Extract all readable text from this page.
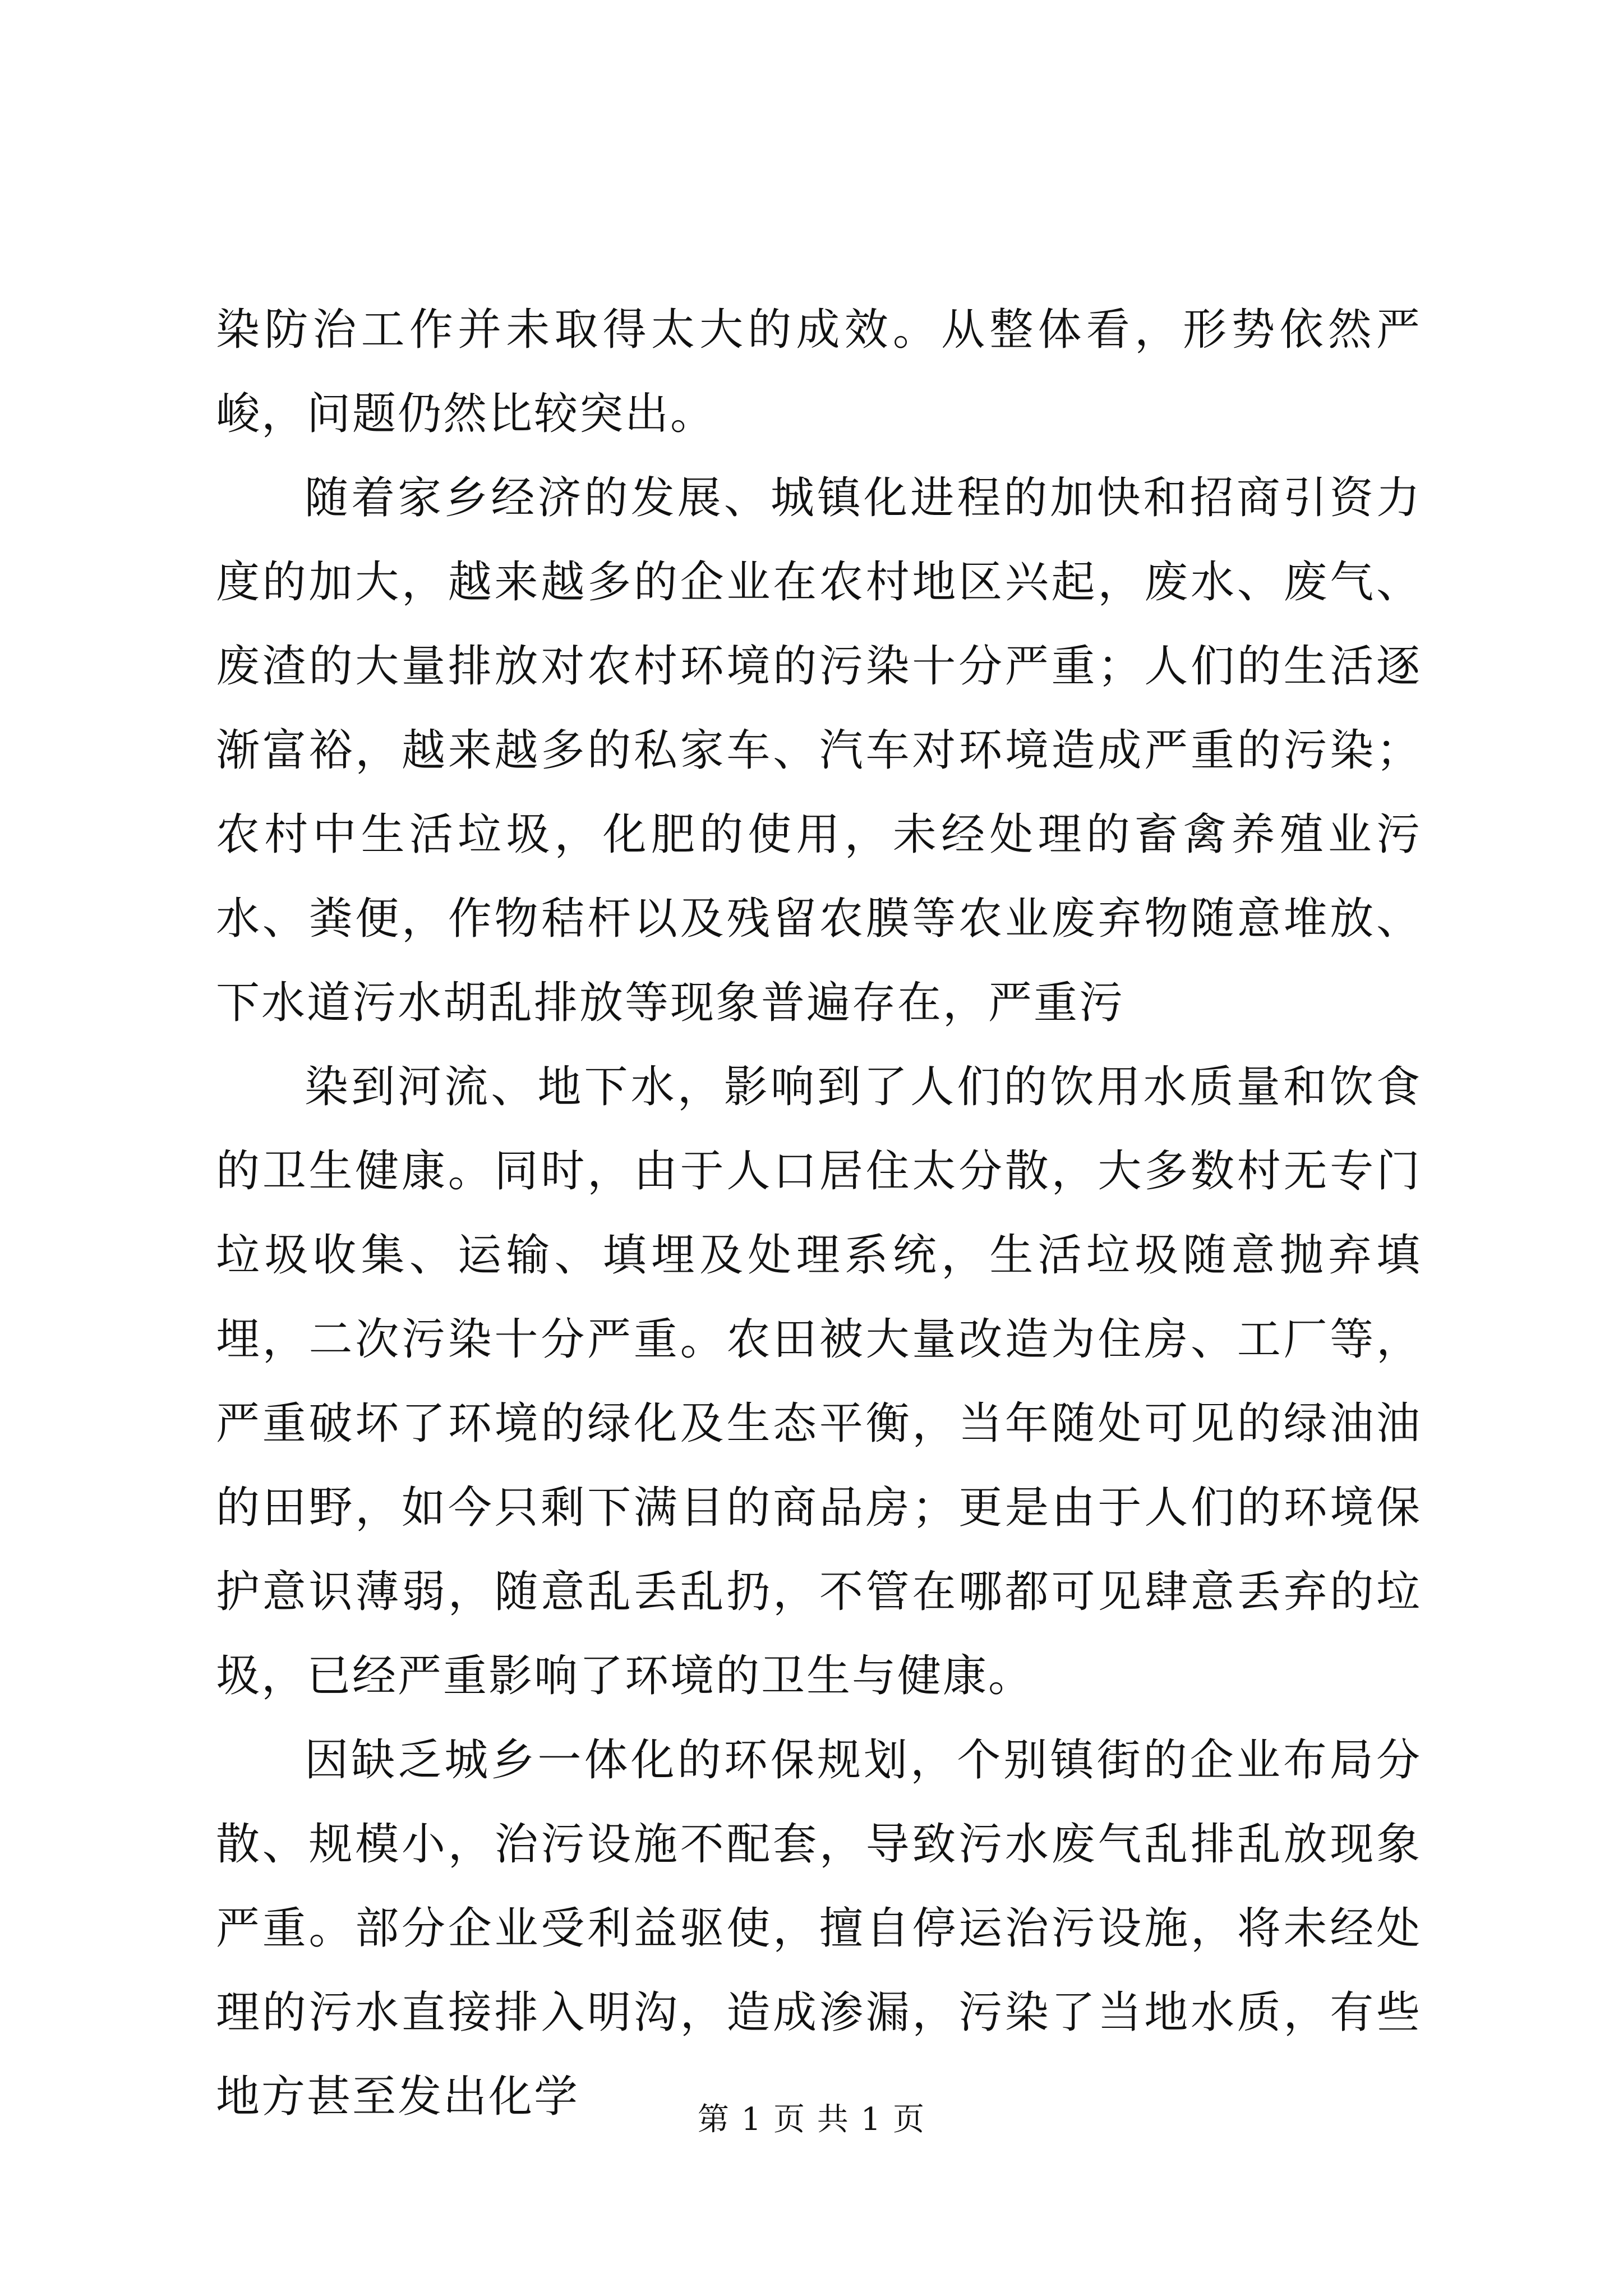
染防治工作并未取得太大的成效。从整体看，形势依然严峻，问题仍然比较突出。

随着家乡经济的发展、城镇化进程的加快和招商引资力度的加大，越来越多的企业在农村地区兴起，废水、废气、废渣的大量排放对农村环境的污染十分严重；人们的生活逐渐富裕，越来越多的私家车、汽车对环境造成严重的污染；农村中生活垃圾，化肥的使用，未经处理的畜禽养殖业污水、粪便，作物秸杆以及残留农膜等农业废弃物随意堆放、下水道污水胡乱排放等现象普遍存在，严重污

染到河流、地下水，影响到了人们的饮用水质量和饮食的卫生健康。同时，由于人口居住太分散，大多数村无专门垃圾收集、运输、填埋及处理系统，生活垃圾随意抛弃填埋，二次污染十分严重。农田被大量改造为住房、工厂等，严重破坏了环境的绿化及生态平衡，当年随处可见的绿油油的田野，如今只剩下满目的商品房；更是由于人们的环境保护意识薄弱，随意乱丢乱扔，不管在哪都可见肆意丢弃的垃圾，已经严重影响了环境的卫生与健康。

因缺乏城乡一体化的环保规划，个别镇街的企业布局分散、规模小，治污设施不配套，导致污水废气乱排乱放现象严重。部分企业受利益驱使，擅自停运治污设施，将未经处理的污水直接排入明沟，造成渗漏，污染了当地水质，有些地方甚至发出化学	第 1 页 共 1 页
